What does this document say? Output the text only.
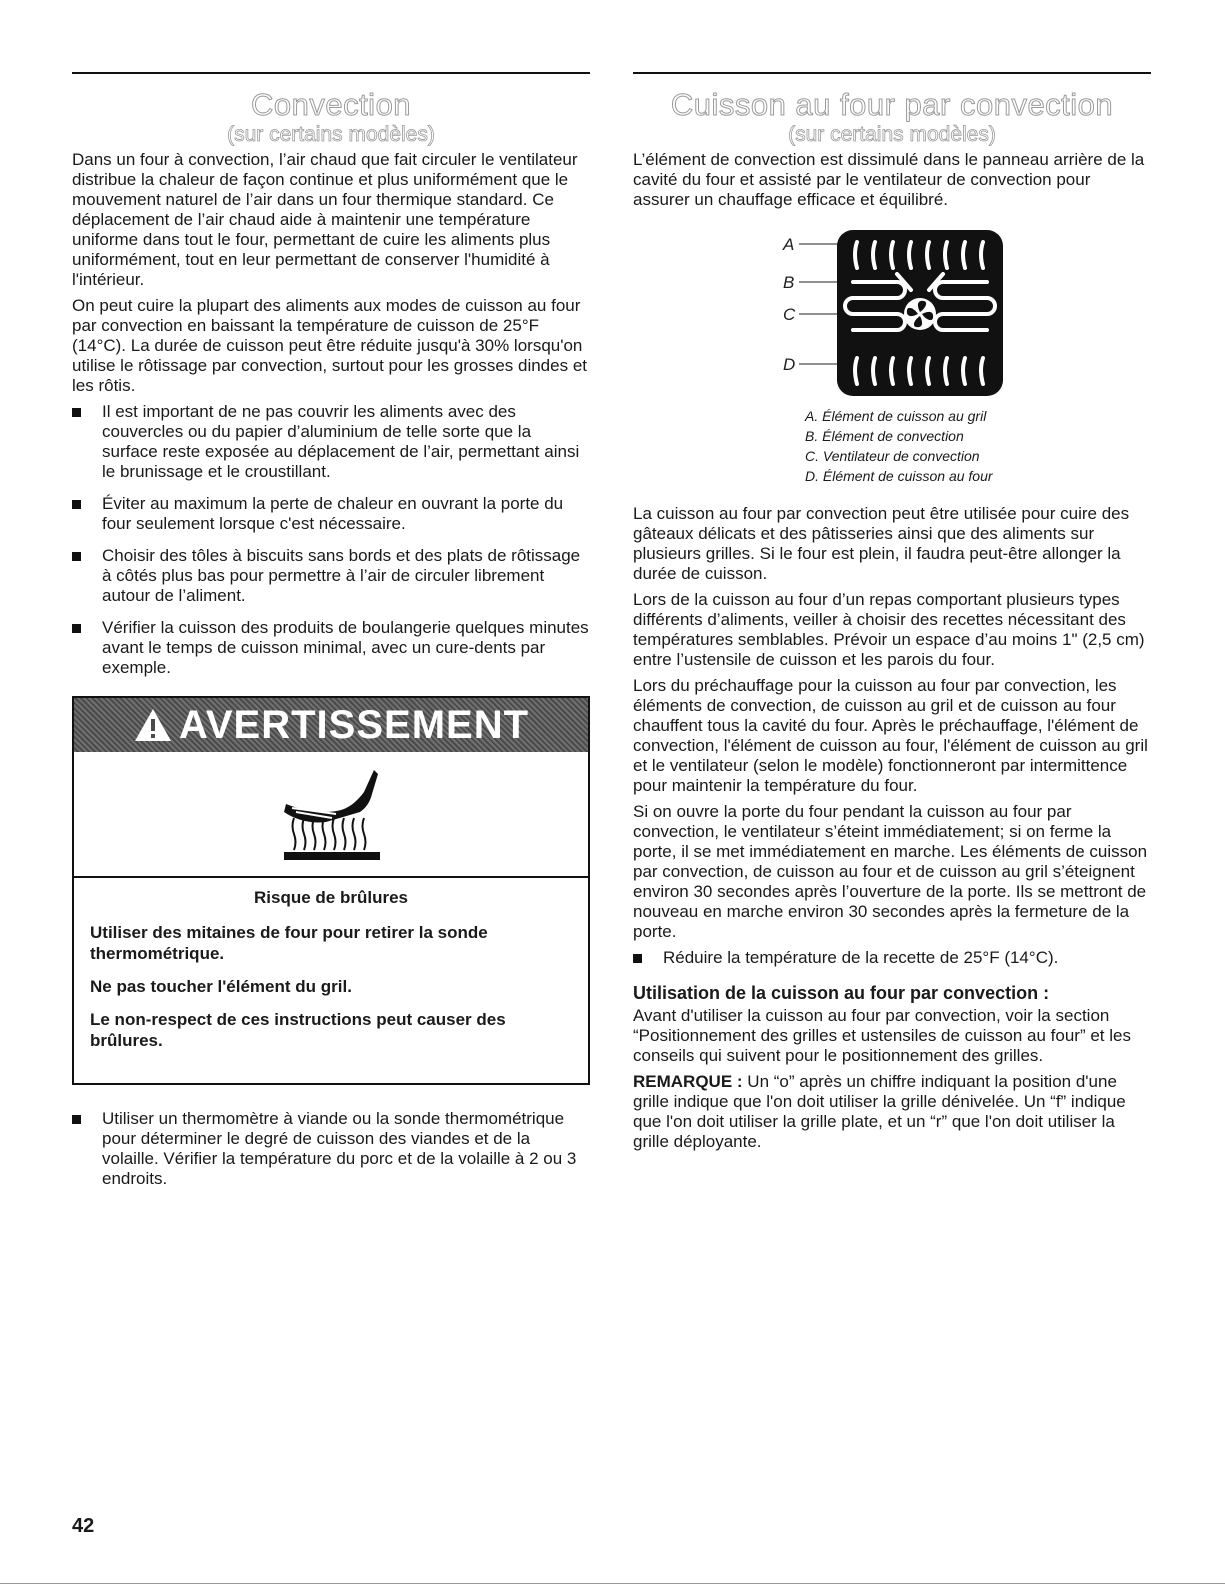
Convection
(sur certains modèles)

Dans un four à convection, l’air chaud que fait circuler le ventilateur distribue la chaleur de façon continue et plus uniformément que le mouvement naturel de l’air dans un four thermique standard. Ce déplacement de l’air chaud aide à maintenir une température uniforme dans tout le four, permettant de cuire les aliments plus uniformément, tout en leur permettant de conserver l'humidité à l'intérieur.

On peut cuire la plupart des aliments aux modes de cuisson au four par convection en baissant la température de cuisson de 25°F (14°C). La durée de cuisson peut être réduite jusqu'à 30% lorsqu'on utilise le rôtissage par convection, surtout pour les grosses dindes et les rôtis.

Il est important de ne pas couvrir les aliments avec des couvercles ou du papier d’aluminium de telle sorte que la surface reste exposée au déplacement de l’air, permettant ainsi le brunissage et le croustillant.
Éviter au maximum la perte de chaleur en ouvrant la porte du four seulement lorsque c'est nécessaire.
Choisir des tôles à biscuits sans bords et des plats de rôtissage à côtés plus bas pour permettre à l’air de circuler librement autour de l’aliment.
Vérifier la cuisson des produits de boulangerie quelques minutes avant le temps de cuisson minimal, avec un cure-dents par exemple.
AVERTISSEMENT

Risque de brûlures

Utiliser des mitaines de four pour retirer la sonde thermométrique.

Ne pas toucher l'élément du gril.

Le non-respect de ces instructions peut causer des brûlures.

Utiliser un thermomètre à viande ou la sonde thermométrique pour déterminer le degré de cuisson des viandes et de la volaille. Vérifier la température du porc et de la volaille à 2 ou 3 endroits.
Cuisson au four par convection
(sur certains modèles)

L’élément de convection est dissimulé dans le panneau arrière de la cavité du four et assisté par le ventilateur de convection pour assurer un chauffage efficace et équilibré.

A
B
C
D
A. Élément de cuisson au gril
B. Élément de convection
C. Ventilateur de convection
D. Élément de cuisson au four

La cuisson au four par convection peut être utilisée pour cuire des gâteaux délicats et des pâtisseries ainsi que des aliments sur plusieurs grilles. Si le four est plein, il faudra peut-être allonger la durée de cuisson.

Lors de la cuisson au four d’un repas comportant plusieurs types différents d’aliments, veiller à choisir des recettes nécessitant des températures semblables. Prévoir un espace d’au moins 1" (2,5 cm) entre l’ustensile de cuisson et les parois du four.

Lors du préchauffage pour la cuisson au four par convection, les éléments de convection, de cuisson au gril et de cuisson au four chauffent tous la cavité du four. Après le préchauffage, l'élément de convection, l'élément de cuisson au four, l'élément de cuisson au gril et le ventilateur (selon le modèle) fonctionneront par intermittence pour maintenir la température du four.

Si on ouvre la porte du four pendant la cuisson au four par convection, le ventilateur s’éteint immédiatement; si on ferme la porte, il se met immédiatement en marche. Les éléments de cuisson par convection, de cuisson au four et de cuisson au gril s’éteignent environ 30 secondes après l’ouverture de la porte. Ils se mettront de nouveau en marche environ 30 secondes après la fermeture de la porte.

Réduire la température de la recette de 25°F (14°C).
Utilisation de la cuisson au four par convection :

Avant d'utiliser la cuisson au four par convection, voir la section “Positionnement des grilles et ustensiles de cuisson au four” et les conseils qui suivent pour le positionnement des grilles.

REMARQUE : Un “o” après un chiffre indiquant la position d'une grille indique que l'on doit utiliser la grille dénivelée. Un “f” indique que l'on doit utiliser la grille plate, et un “r” que l'on doit utiliser la grille déployante.

42
